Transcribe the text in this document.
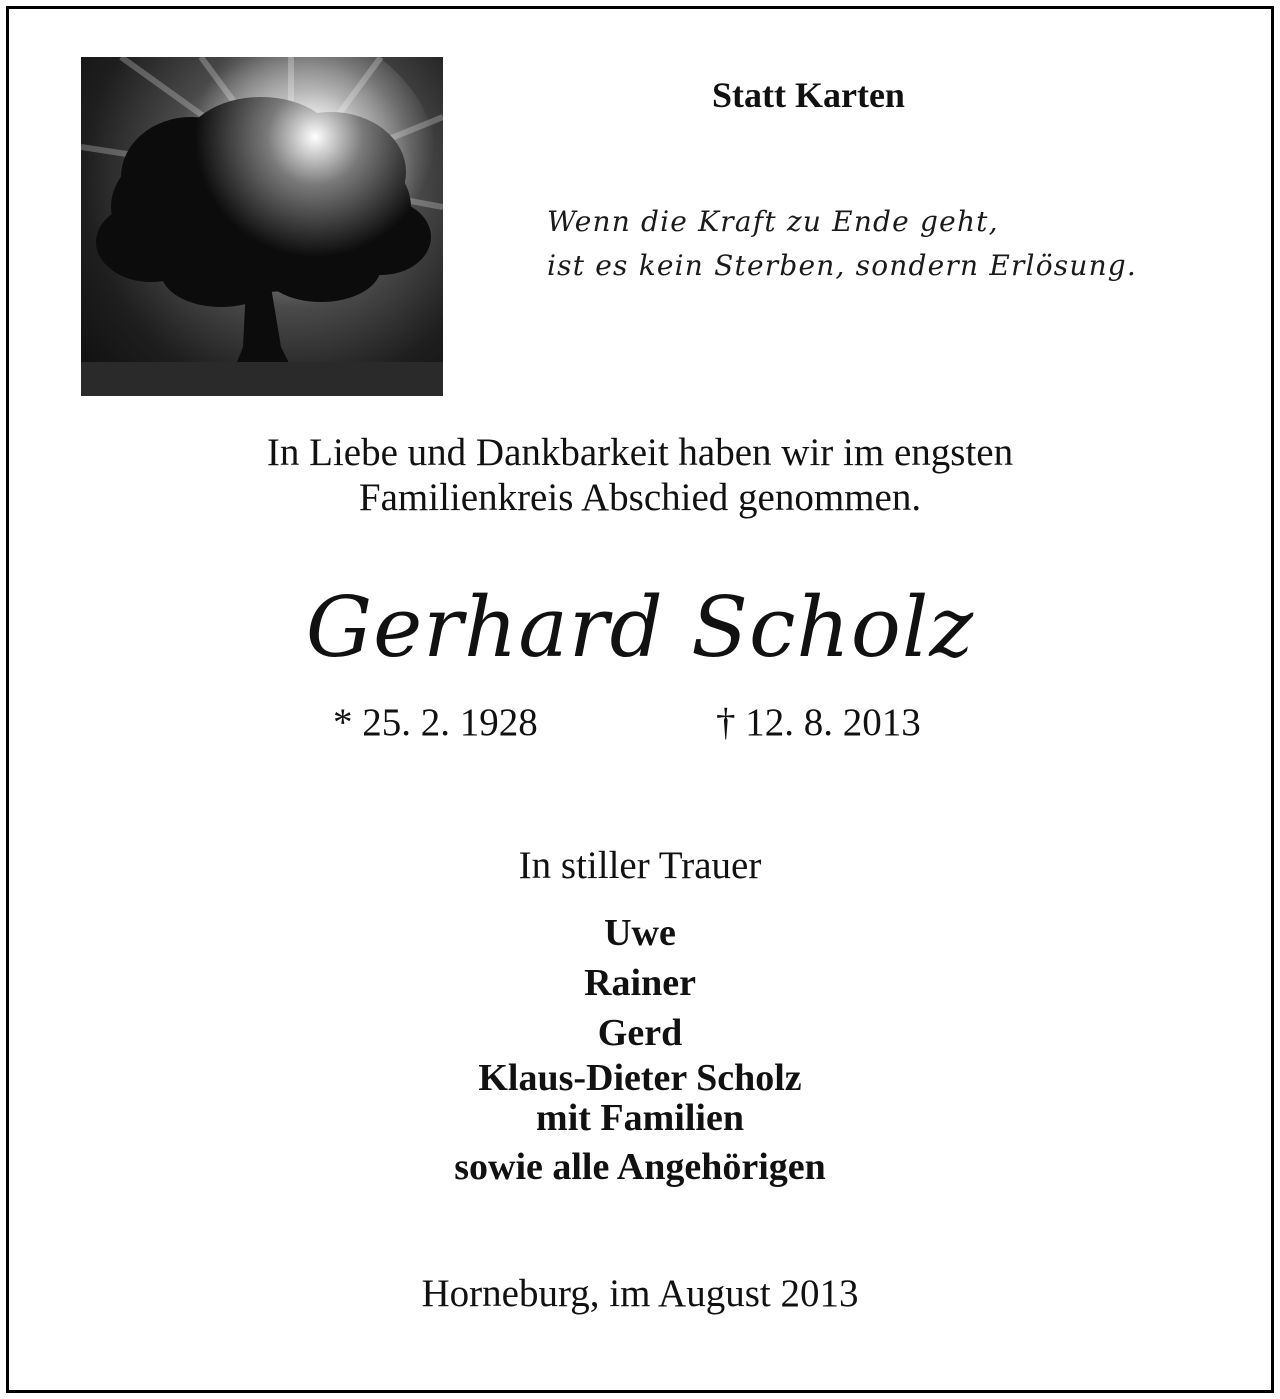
Statt Karten
Wenn die Kraft zu Ende geht,
ist es kein Sterben, sondern Erlösung.
In Liebe und Dankbarkeit haben wir im engsten
Familienkreis Abschied genommen.
Gerhard Scholz
* 25. 2. 1928	† 12. 8. 2013
In stiller Trauer
Uwe
Rainer
Gerd
Klaus-Dieter Scholz
mit Familien
sowie alle Angehörigen
Horneburg, im August 2013
